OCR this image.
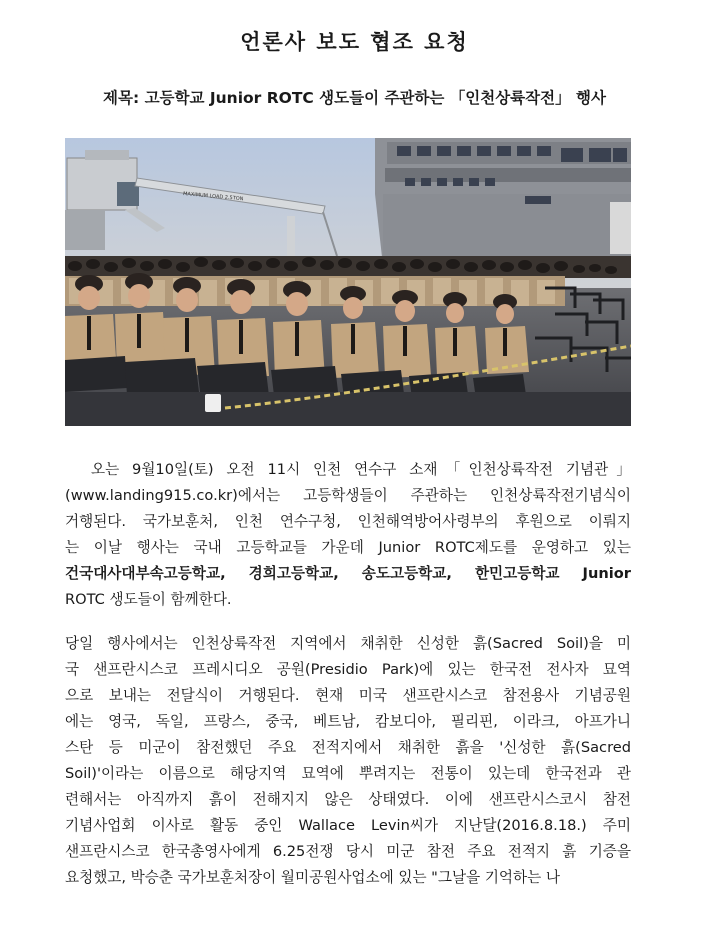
언론사 보도 협조 요청
제목: 고등학교 Junior ROTC 생도들이 주관하는 「인천상륙작전」 행사
MAXIMUM LOAD 2.5TON
오는 9월10일(토) 오전 11시 인천 연수구 소재「인천상륙작전 기념관」
(www.landing915.co.kr)에서는 고등학생들이 주관하는 인천상륙작전기념식이
거행된다. 국가보훈처, 인천 연수구청, 인천해역방어사령부의 후원으로 이뤄지
는 이날 행사는 국내 고등학교들 가운데 Junior ROTC제도를 운영하고 있는
건국대사대부속고등학교, 경희고등학교, 송도고등학교, 한민고등학교 Junior
ROTC 생도들이 함께한다.
당일 행사에서는 인천상륙작전 지역에서 채취한 신성한 흙(Sacred Soil)을 미
국 샌프란시스코 프레시디오 공원(Presidio Park)에 있는 한국전 전사자 묘역
으로 보내는 전달식이 거행된다. 현재 미국 샌프란시스코 참전용사 기념공원
에는 영국, 독일, 프랑스, 중국, 베트남, 캄보디아, 필리핀, 이라크, 아프가니
스탄 등 미군이 참전했던 주요 전적지에서 채취한 흙을 '신성한 흙(Sacred
Soil)'이라는 이름으로 해당지역 묘역에 뿌려지는 전통이 있는데 한국전과 관
련해서는 아직까지 흙이 전해지지 않은 상태였다. 이에 샌프란시스코시 참전
기념사업회 이사로 활동 중인 Wallace Levin씨가 지난달(2016.8.18.) 주미
샌프란시스코 한국총영사에게 6.25전쟁 당시 미군 참전 주요 전적지 흙 기증을
요청했고, 박승춘 국가보훈처장이 월미공원사업소에 있는 "그날을 기억하는 나
